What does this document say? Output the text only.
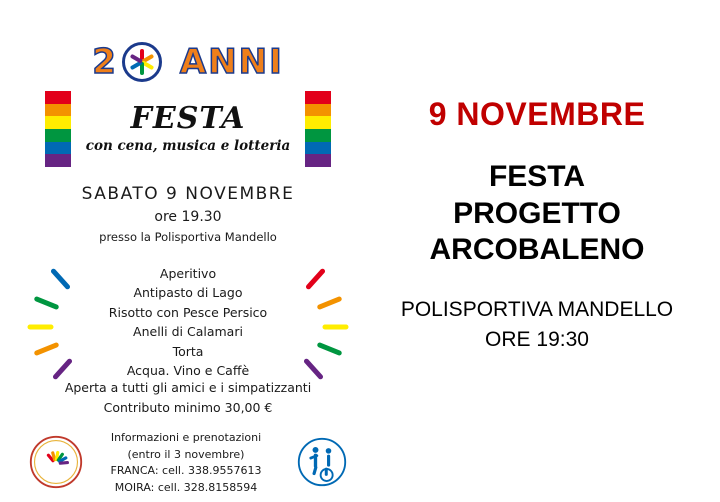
2 ANNI
FESTA
con cena, musica e lotteria
SABATO 9 NOVEMBRE
ore 19.30
presso la Polisportiva Mandello
Aperitivo
Antipasto di Lago
Risotto con Pesce Persico
Anelli di Calamari
Torta
Acqua. Vino e Caffè
Aperta a tutti gli amici e i simpatizzanti
Contributo minimo 30,00 €
Informazioni e prenotazioni
(entro il 3 novembre)
FRANCA: cell. 338.9557613
MOIRA: cell. 328.8158594
9 NOVEMBRE
FESTA
PROGETTO
ARCOBALENO
POLISPORTIVA MANDELLO
ORE 19:30
